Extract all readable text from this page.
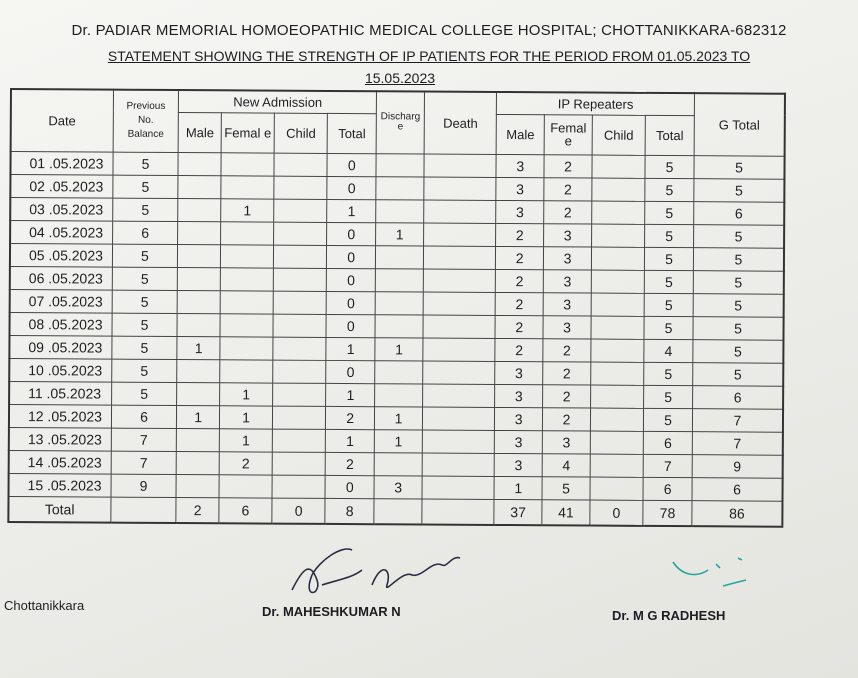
Dr. PADIAR MEMORIAL HOMOEOPATHIC MEDICAL COLLEGE HOSPITAL; CHOTTANIKKARA-682312
STATEMENT SHOWING THE STRENGTH OF IP PATIENTS FOR THE PERIOD FROM 01.05.2023 TO
15.05.2023
Date	Previous
No.
Balance	New Admission				Discharg e	Death	IP Repeaters				G Total
		Male	Femal e	Child	Total			Male	Femal e	Child	Total	
01 .05.2023	5				0			3	2		5	5
02 .05.2023	5				0			3	2		5	5
03 .05.2023	5		1		1			3	2		5	6
04 .05.2023	6				0	1		2	3		5	5
05 .05.2023	5				0			2	3		5	5
06 .05.2023	5				0			2	3		5	5
07 .05.2023	5				0			2	3		5	5
08 .05.2023	5				0			2	3		5	5
09 .05.2023	5	1			1	1		2	2		4	5
10 .05.2023	5				0			3	2		5	5
11 .05.2023	5		1		1			3	2		5	6
12 .05.2023	6	1	1		2	1		3	2		5	7
13 .05.2023	7		1		1	1		3	3		6	7
14 .05.2023	7		2		2			3	4		7	9
15 .05.2023	9				0	3		1	5		6	6
Total		2	6	0	8			37	41	0	78	86
Chottanikkara	Dr. MAHESHKUMAR N	Dr. M G RADHESH
